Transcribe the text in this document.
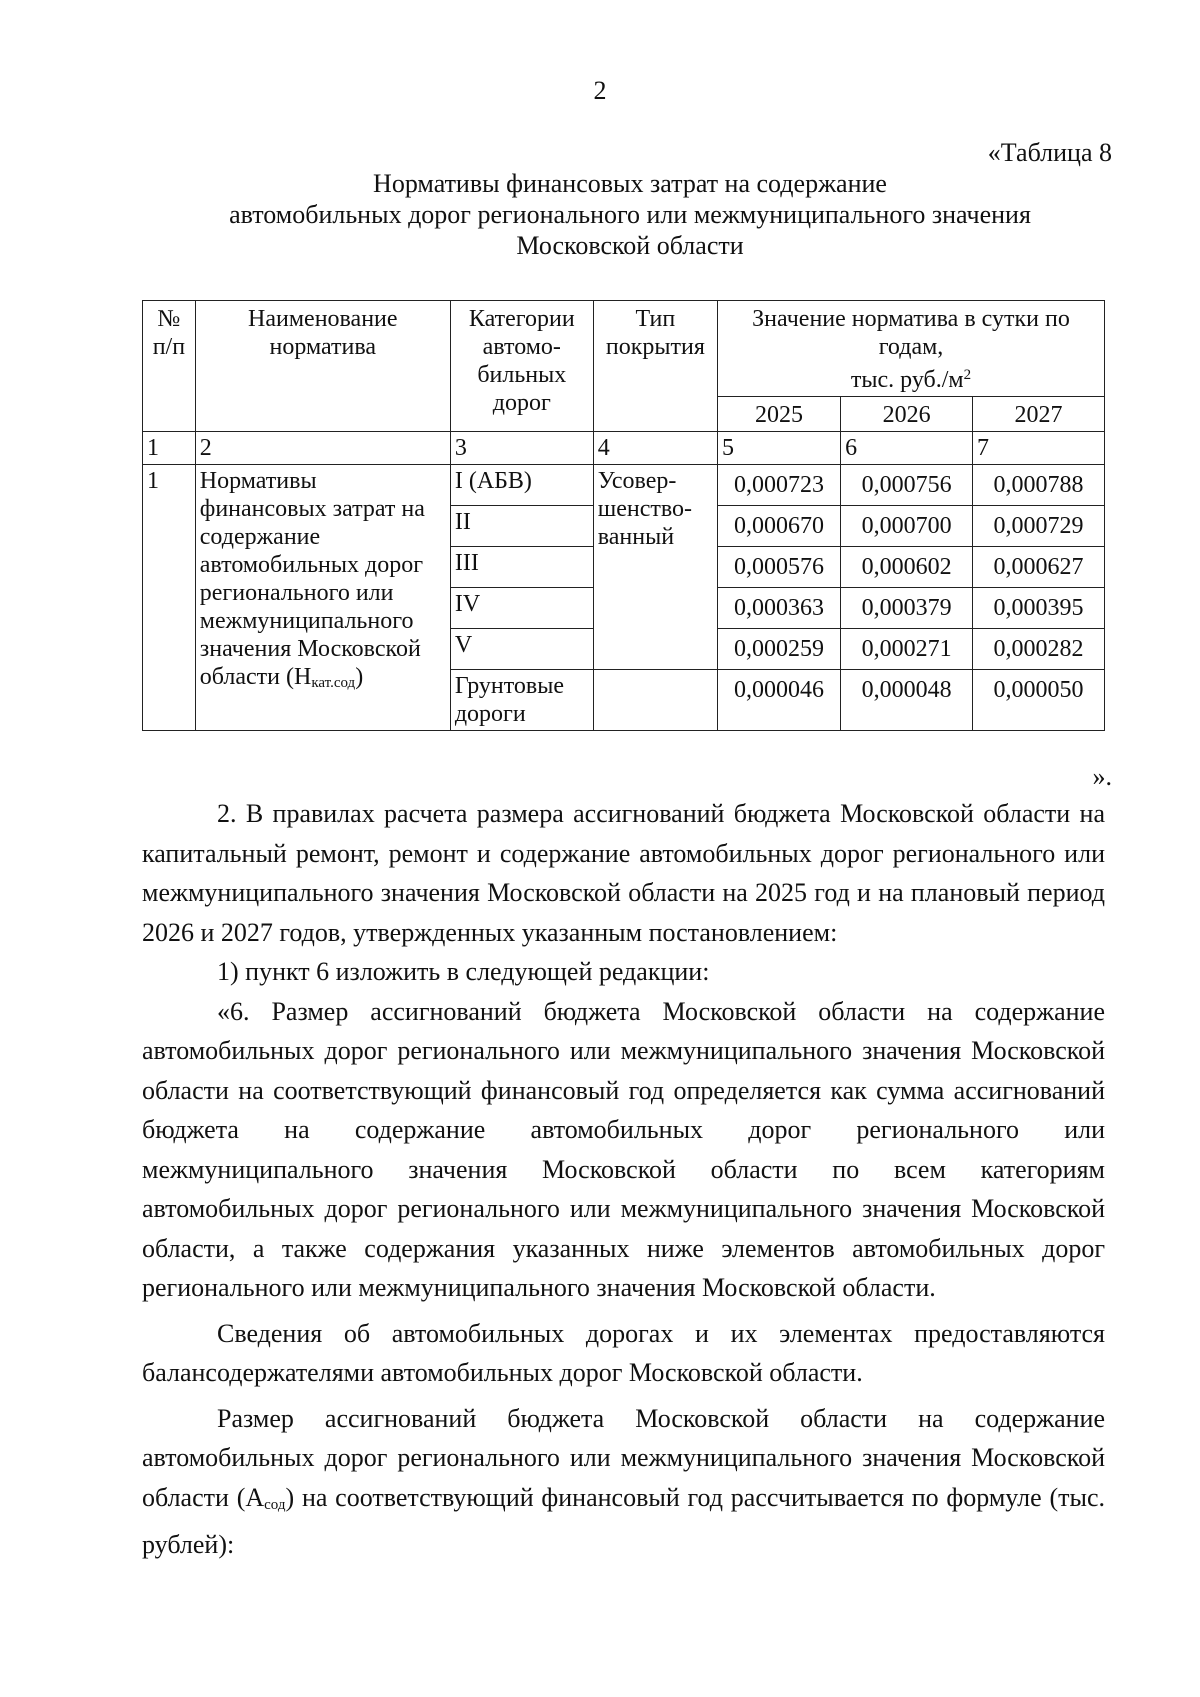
2
«Таблица 8
Нормативы финансовых затрат на содержание
автомобильных дорог регионального или межмуниципального значения
Московской области
№ п/п	Наименование норматива	Категории автомо-бильных дорог	Тип покрытия	Значение норматива в сутки по годам,
тыс. $руб./м^2$
				2025	2026	2027
1	2	3	4	5	6	7
1	Нормативы финансовых затрат на содержание автомобильных дорог регионального или межмуниципального значения Московской области $(Н_{кат.сод})$	I (АБВ)	Усовер-шенство-ванный	0,000723	0,000756	0,000788
		II		0,000670	0,000700	0,000729
		III		0,000576	0,000602	0,000627
		IV		0,000363	0,000379	0,000395
		V		0,000259	0,000271	0,000282
		Грунтовые дороги		0,000046	0,000048	0,000050
».

2. В правилах расчета размера ассигнований бюджета Московской области на капитальный ремонт, ремонт и содержание автомобильных дорог регионального или межмуниципального значения Московской области на 2025 год и на плановый период 2026 и 2027 годов, утвержденных указанным постановлением:

1) пункт 6 изложить в следующей редакции:

«6. Размер ассигнований бюджета Московской области на содержание автомобильных дорог регионального или межмуниципального значения Московской области на соответствующий финансовый год определяется как сумма ассигнований бюджета на содержание автомобильных дорог регионального или межмуниципального значения Московской области по всем категориям автомобильных дорог регионального или межмуниципального значения Московской области, а также содержания указанных ниже элементов автомобильных дорог регионального или межмуниципального значения Московской области.

Сведения об автомобильных дорогах и их элементах предоставляются балансодержателями автомобильных дорог Московской области.

Размер ассигнований бюджета Московской области на содержание автомобильных дорог регионального или межмуниципального значения Московской области $(А_{сод})$ на соответствующий финансовый год рассчитывается по формуле (тыс. рублей):
